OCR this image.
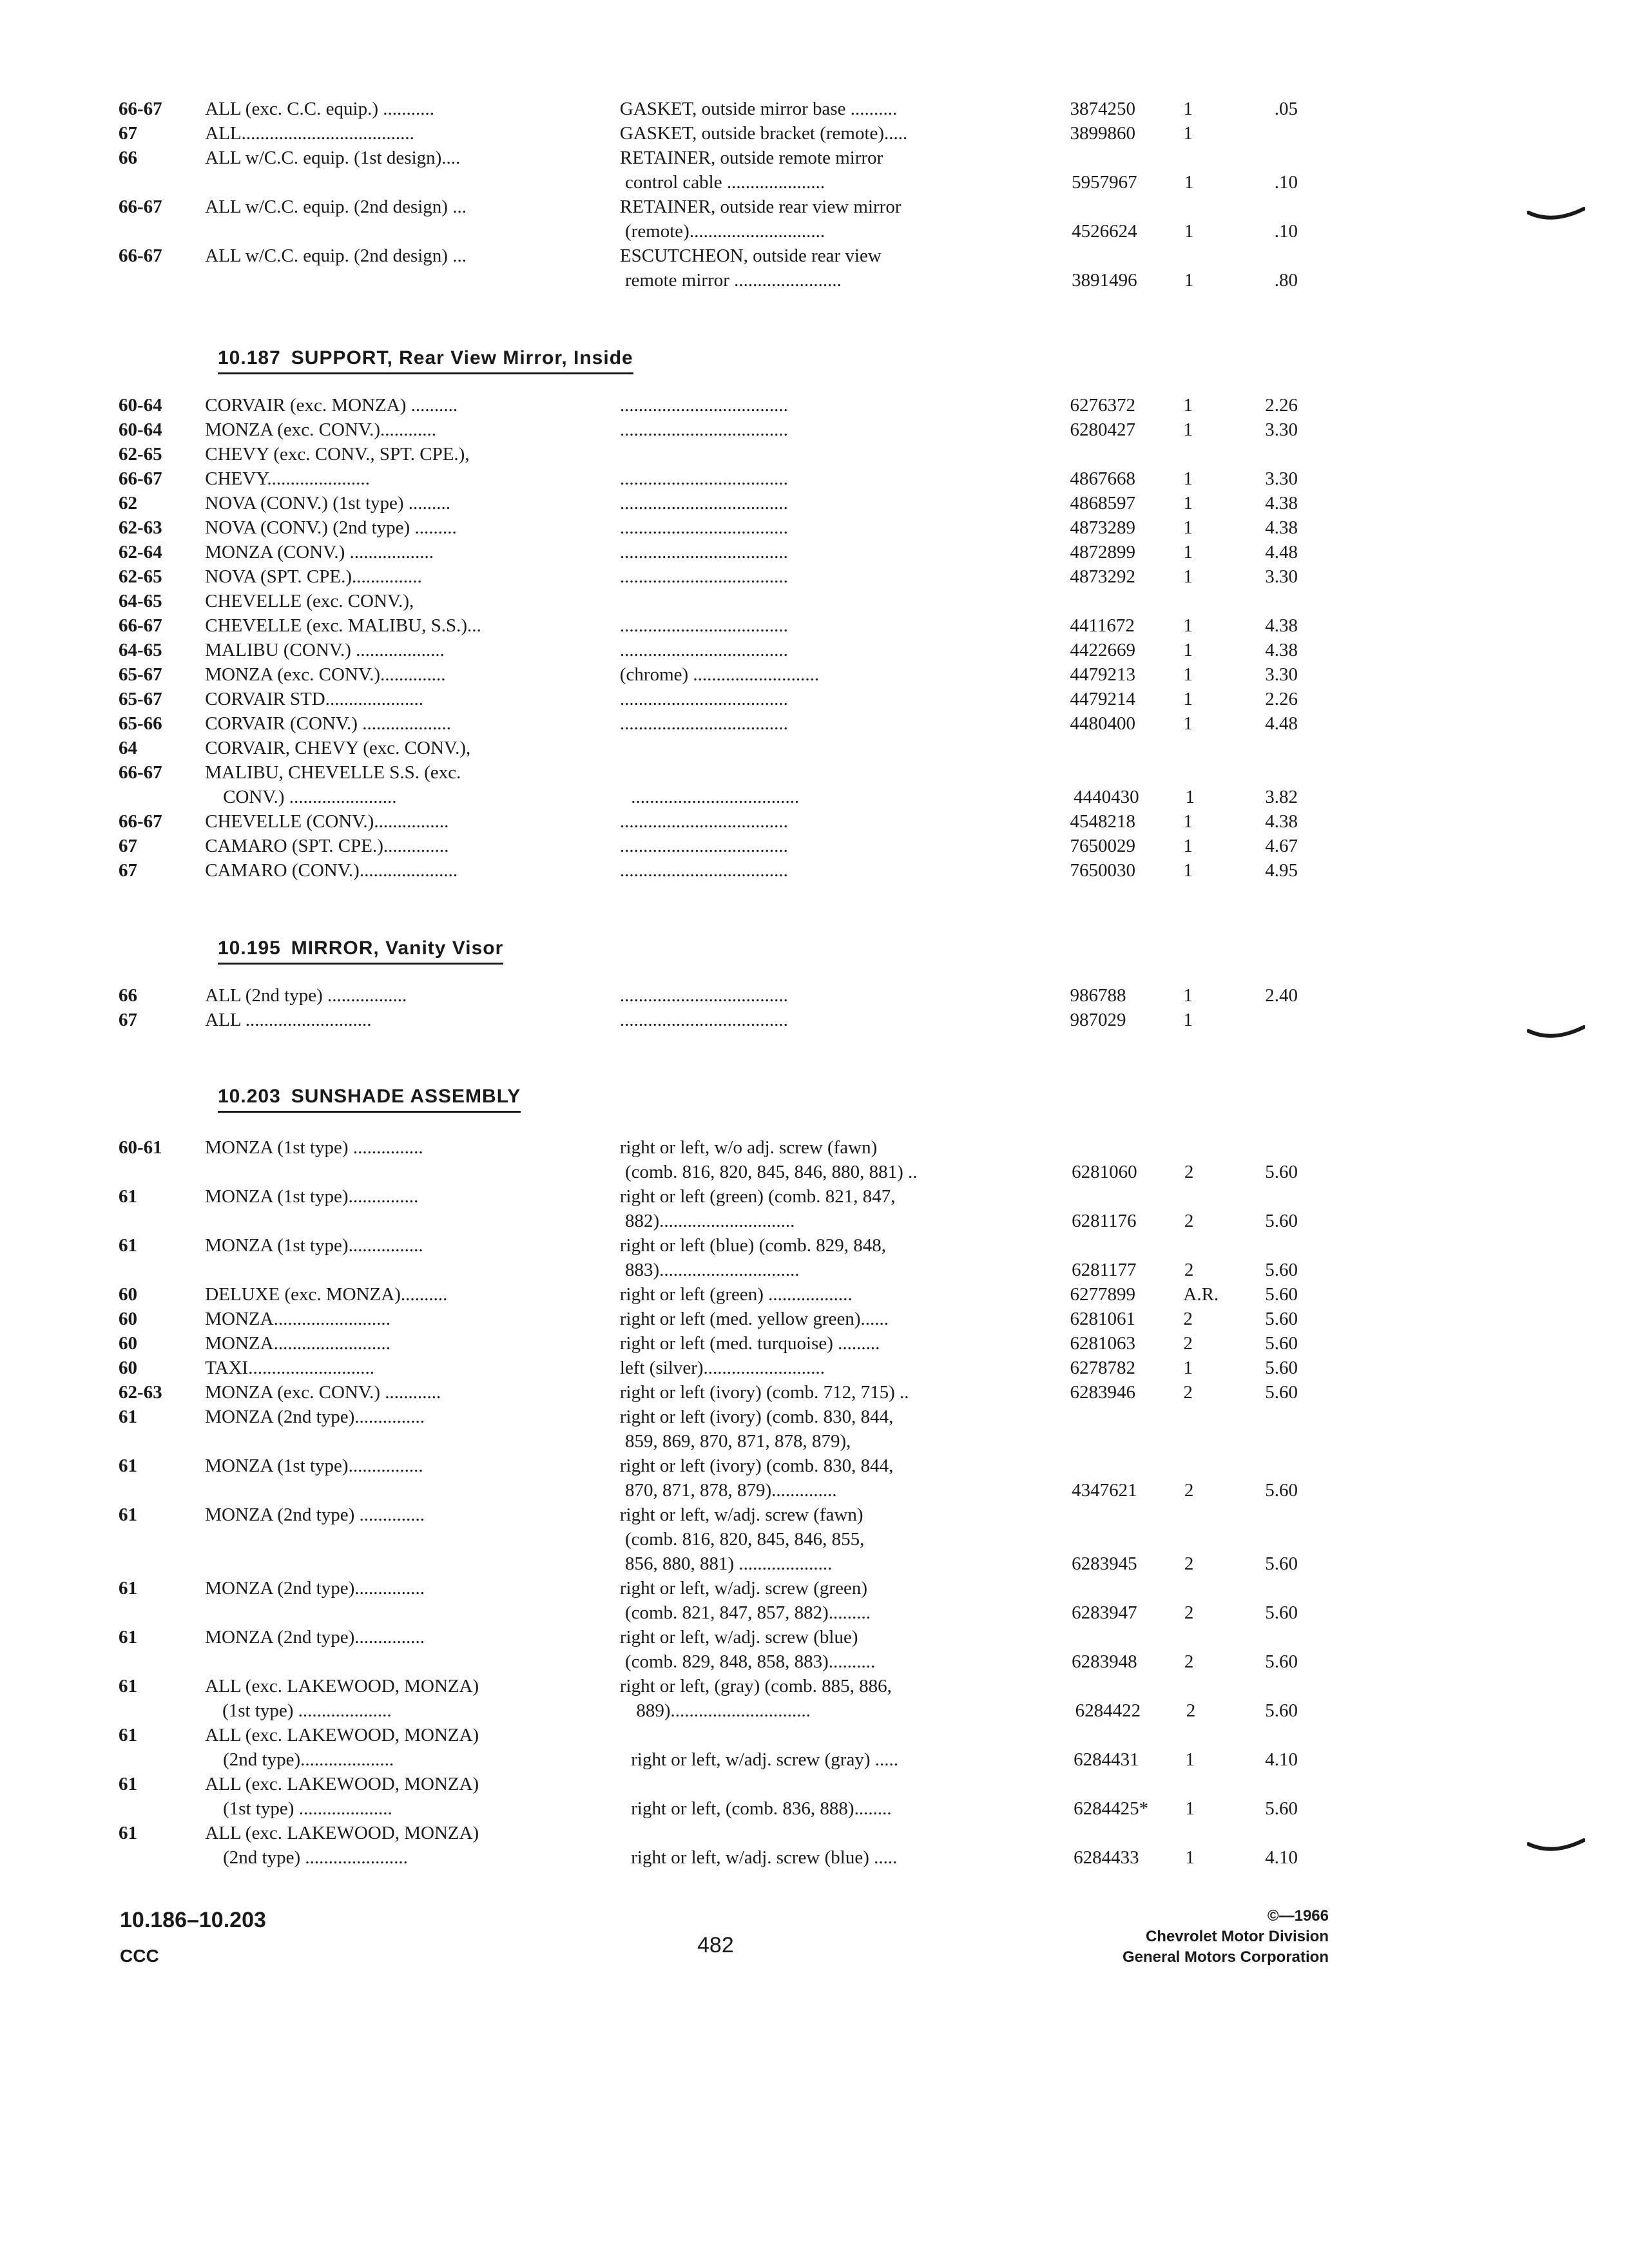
66-67	ALL (exc. C.C. equip.) ...........	GASKET, outside mirror base ..........	3874250	1	.05
67	ALL.....................................	GASKET, outside bracket (remote).....	3899860	1
66	ALL w/C.C. equip. (1st design)....	RETAINER, outside remote mirror
control cable .....................	5957967	1	.10
66-67	ALL w/C.C. equip. (2nd design) ...	RETAINER, outside rear view mirror
(remote).............................	4526624	1	.10
66-67	ALL w/C.C. equip. (2nd design) ...	ESCUTCHEON, outside rear view
remote mirror .......................	3891496	1	.80
10.187 SUPPORT, Rear View Mirror, Inside
60-64	CORVAIR (exc. MONZA) ..........	....................................	6276372	1	2.26
60-64	MONZA (exc. CONV.)............	....................................	6280427	1	3.30
62-65	CHEVY (exc. CONV., SPT. CPE.),
66-67	CHEVY......................	....................................	4867668	1	3.30
62	NOVA (CONV.) (1st type) .........	....................................	4868597	1	4.38
62-63	NOVA (CONV.) (2nd type) .........	....................................	4873289	1	4.38
62-64	MONZA (CONV.) ..................	....................................	4872899	1	4.48
62-65	NOVA (SPT. CPE.)...............	....................................	4873292	1	3.30
64-65	CHEVELLE (exc. CONV.),
66-67	CHEVELLE (exc. MALIBU, S.S.)...	....................................	4411672	1	4.38
64-65	MALIBU (CONV.) ...................	....................................	4422669	1	4.38
65-67	MONZA (exc. CONV.)..............	(chrome) ...........................	4479213	1	3.30
65-67	CORVAIR STD.....................	....................................	4479214	1	2.26
65-66	CORVAIR (CONV.) ...................	....................................	4480400	1	4.48
64	CORVAIR, CHEVY (exc. CONV.),
66-67	MALIBU, CHEVELLE S.S. (exc.
CONV.) .......................	....................................	4440430	1	3.82
66-67	CHEVELLE (CONV.)................	....................................	4548218	1	4.38
67	CAMARO (SPT. CPE.)..............	....................................	7650029	1	4.67
67	CAMARO (CONV.).....................	....................................	7650030	1	4.95
10.195 MIRROR, Vanity Visor
66	ALL (2nd type) .................	....................................	986788	1	2.40
67	ALL ...........................	....................................	987029	1
10.203 SUNSHADE ASSEMBLY
60-61	MONZA (1st type) ...............	right or left, w/o adj. screw (fawn)
(comb. 816, 820, 845, 846, 880, 881) ..	6281060	2	5.60
61	MONZA (1st type)...............	right or left (green) (comb. 821, 847,
882).............................	6281176	2	5.60
61	MONZA (1st type)................	right or left (blue) (comb. 829, 848,
883)..............................	6281177	2	5.60
60	DELUXE (exc. MONZA)..........	right or left (green) ..................	6277899	A.R.	5.60
60	MONZA.........................	right or left (med. yellow green)......	6281061	2	5.60
60	MONZA.........................	right or left (med. turquoise) .........	6281063	2	5.60
60	TAXI...........................	left (silver)..........................	6278782	1	5.60
62-63	MONZA (exc. CONV.) ............	right or left (ivory) (comb. 712, 715) ..	6283946	2	5.60
61	MONZA (2nd type)...............	right or left (ivory) (comb. 830, 844,
859, 869, 870, 871, 878, 879),
61	MONZA (1st type)................	right or left (ivory) (comb. 830, 844,
870, 871, 878, 879)..............	4347621	2	5.60
61	MONZA (2nd type) ..............	right or left, w/adj. screw (fawn)
(comb. 816, 820, 845, 846, 855,
856, 880, 881) ....................	6283945	2	5.60
61	MONZA (2nd type)...............	right or left, w/adj. screw (green)
(comb. 821, 847, 857, 882).........	6283947	2	5.60
61	MONZA (2nd type)...............	right or left, w/adj. screw (blue)
(comb. 829, 848, 858, 883)..........	6283948	2	5.60
61	ALL (exc. LAKEWOOD, MONZA)	right or left, (gray) (comb. 885, 886,
(1st type) ....................	889)..............................	6284422	2	5.60
61	ALL (exc. LAKEWOOD, MONZA)
(2nd type)....................	right or left, w/adj. screw (gray) .....	6284431	1	4.10
61	ALL (exc. LAKEWOOD, MONZA)
(1st type) ....................	right or left, (comb. 836, 888)........	6284425*	1	5.60
61	ALL (exc. LAKEWOOD, MONZA)
(2nd type) ......................	right or left, w/adj. screw (blue) .....	6284433	1	4.10
10.186–10.203
CCC	482
©—1966
Chevrolet Motor Division
General Motors Corporation
